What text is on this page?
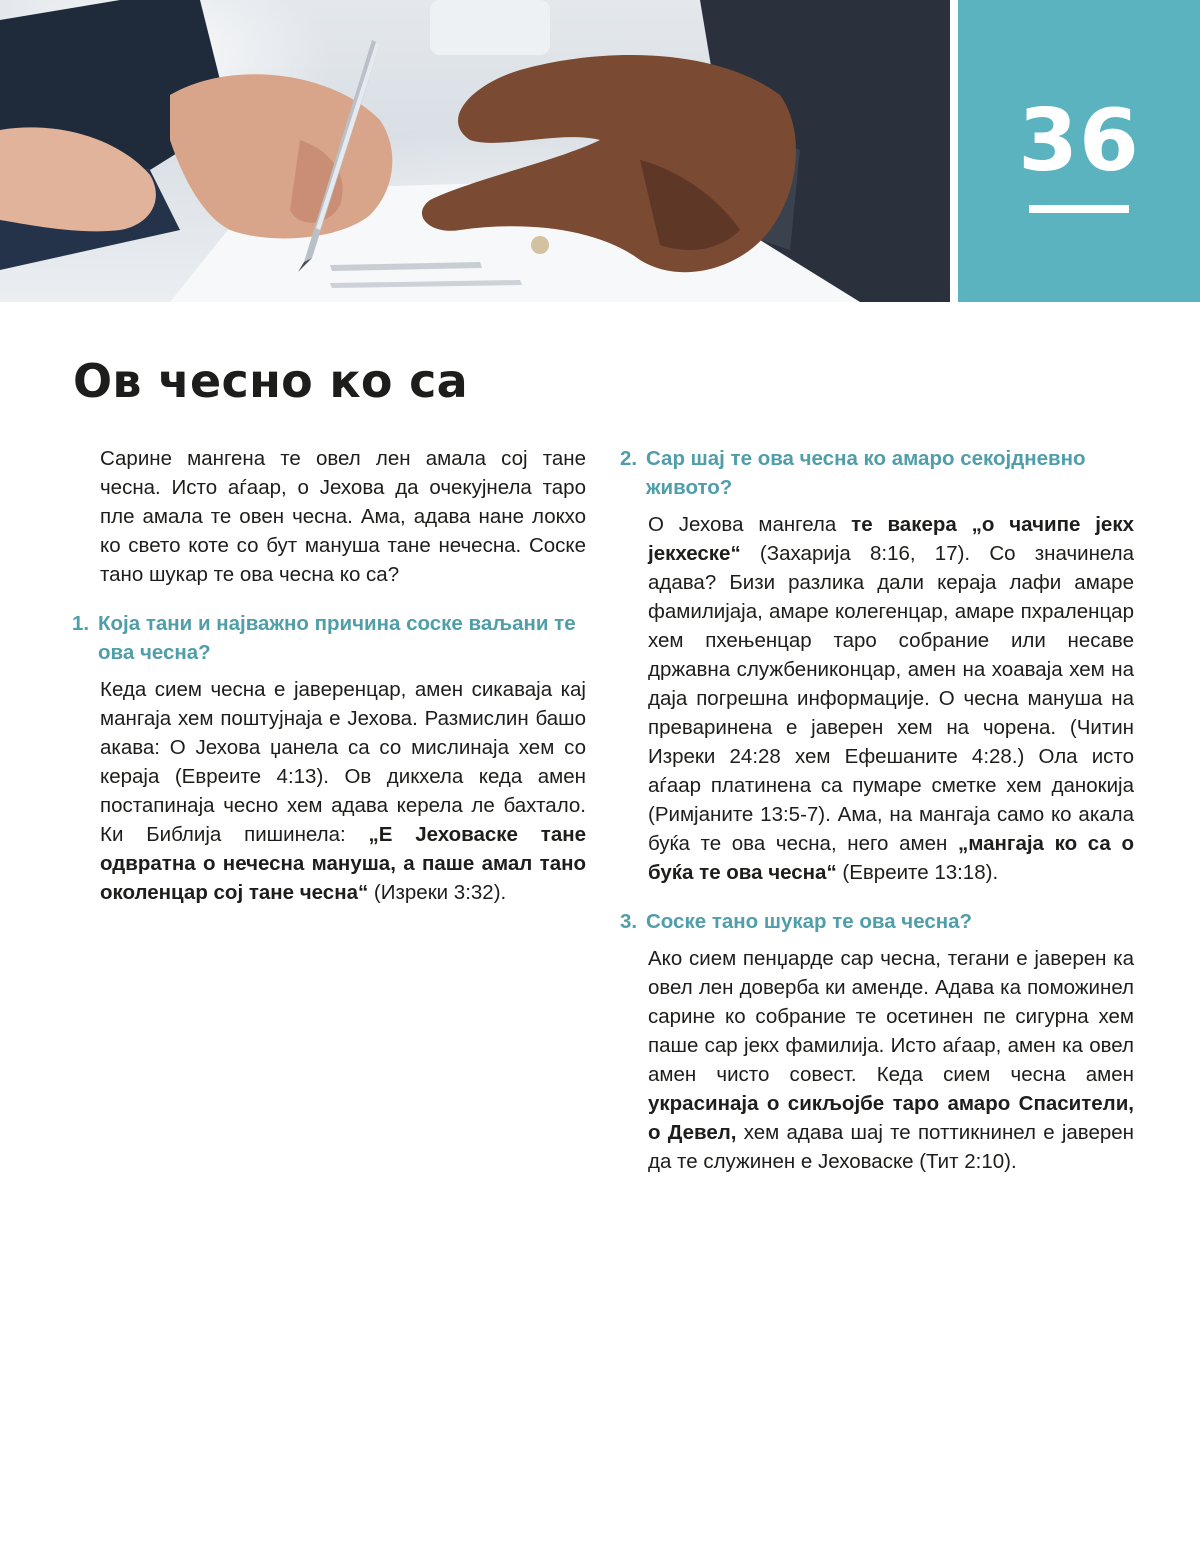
36
Ов чесно ко са

Сарине мангена те овел лен амала сој тане чесна. Исто аѓаар, о Јехова да очекујнела таро пле амала те овен чесна. Ама, адава нане локхо ко свето коте со бут мануша тане нечесна. Соске тано шукар те ова чесна ко са?

1. Која тани и најважно причина соске ваљани те ова чесна?

Кеда сием чесна е јаверенцар, амен сикаваја кај мангаја хем поштујнаја е Јехова. Размислин башо акава: О Јехова џанела са со мислинаја хем со кераја (Евреите 4:13). Ов дикхела кеда амен постапинаја чесно хем адава керела ле бахтало. Ки Библија пишинела: „Е Јеховаске тане одвратна о нечесна мануша, а паше амал тано околенцар сој тане чесна“ (Изреки 3:32).

2. Сар шај те ова чесна ко амаро секојдневно живото?

О Јехова мангела те вакера „о чачипе јекх јекхеске“ (Захарија 8:16, 17). Со значинела адава? Бизи разлика дали кераја лафи амаре фамилијаја, амаре колегенцар, амаре пхраленцар хем пхењенцар таро собрание или несаве државна службениконцар, амен на хоаваја хем на даја погрешна информације. О чесна мануша на преваринена е јаверен хем на чорена. (Читин Изреки 24:28 хем Ефешаните 4:28.) Ола исто аѓаар платинена са пумаре сметке хем данокија (Римјаните 13:5-7). Ама, на мангаја само ко акала буќа те ова чесна, него амен „мангаја ко са о буќа те ова чесна“ (Евреите 13:18).

3. Соске тано шукар те ова чесна?

Ако сием пенџарде сар чесна, тегани е јаверен ка овел лен доверба ки аменде. Адава ка поможинел сарине ко собрание те осетинен пе сигурна хем паше сар јекх фамилија. Исто аѓаар, амен ка овел амен чисто совест. Кеда сием чесна амен украсинаја о сикљојбе таро амаро Спасители, о Девел, хем адава шај те поттикнинел е јаверен да те служинен е Јеховаске (Тит 2:10).
